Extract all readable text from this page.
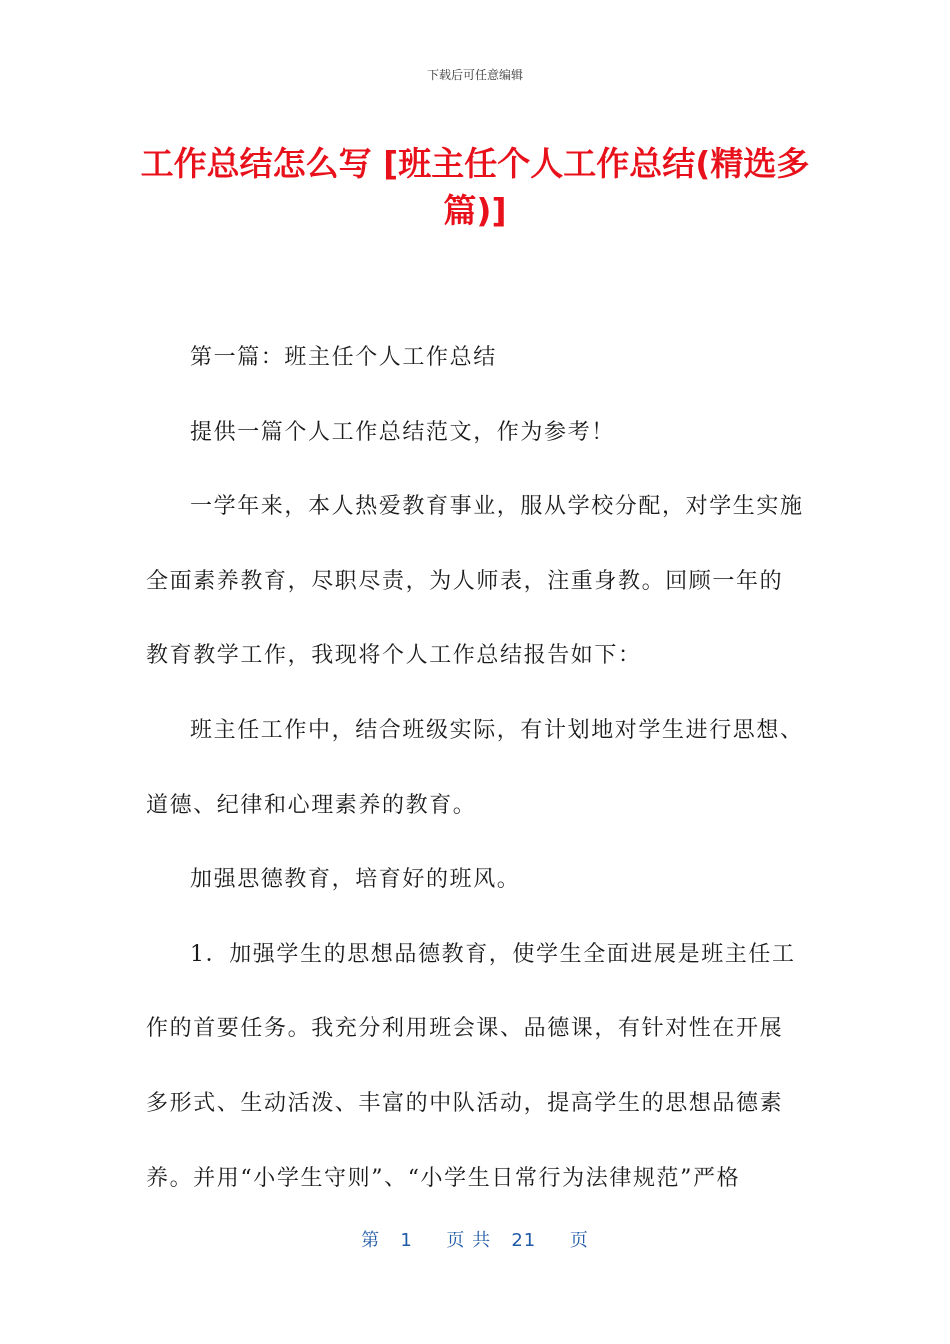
下载后可任意编辑
工作总结怎么写 [班主任个人工作总结(精选多篇)]

第一篇：班主任个人工作总结

提供一篇个人工作总结范文，作为参考！

一学年来，本人热爱教育事业，服从学校分配，对学生实施全面素养教育，尽职尽责，为人师表，注重身教。回顾一年的教育教学工作，我现将个人工作总结报告如下：

班主任工作中，结合班级实际，有计划地对学生进行思想、道德、纪律和心理素养的教育。

加强思德教育，培育好的班风。

1．加强学生的思想品德教育，使学生全面进展是班主任工作的首要任务。我充分利用班会课、品德课，有针对性在开展多形式、生动活泼、丰富的中队活动，提高学生的思想品德素养。并用“小学生守则”、“小学生日常行为法律规范”严格

第 1 页 共 21 页
